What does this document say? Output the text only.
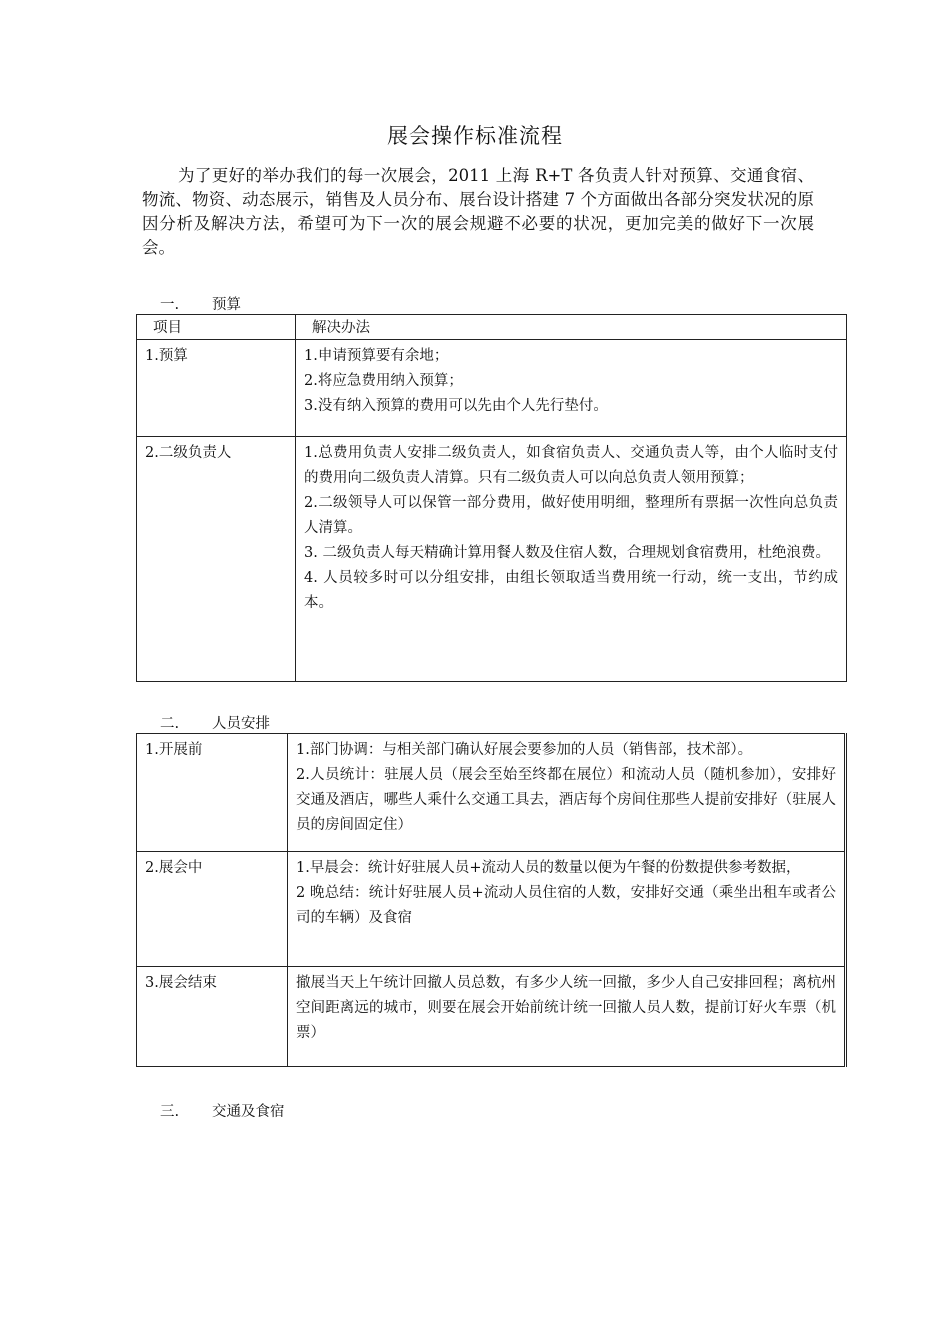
展会操作标准流程
为了更好的举办我们的每一次展会，2011 上海 R+T 各负责人针对预算、交通食宿、物流、物资、动态展示，销售及人员分布、展台设计搭建 7 个方面做出各部分突发状况的原因分析及解决方法，希望可为下一次的展会规避不必要的状况，更加完美的做好下一次展会。
一.	预算
项目	解决办法
1.预算	1.申请预算要有余地；
2.将应急费用纳入预算；
3.没有纳入预算的费用可以先由个人先行垫付。

2.二级负责人	1.总费用负责人安排二级负责人，如食宿负责人、交通负责人等，由个人临时支付的费用向二级负责人清算。只有二级负责人可以向总负责人领用预算；
2.二级领导人可以保管一部分费用，做好使用明细，整理所有票据一次性向总负责人清算。
3. 二级负责人每天精确计算用餐人数及住宿人数，合理规划食宿费用，杜绝浪费。
4. 人员较多时可以分组安排，由组长领取适当费用统一行动，统一支出，节约成本。
二.	人员安排
1.开展前	1.部门协调：与相关部门确认好展会要参加的人员（销售部，技术部）。
2.人员统计：驻展人员（展会至始至终都在展位）和流动人员（随机参加），安排好交通及酒店，哪些人乘什么交通工具去，酒店每个房间住那些人提前安排好（驻展人员的房间固定住）

2.展会中	1.早晨会：统计好驻展人员+流动人员的数量以便为午餐的份数提供参考数据，
2 晚总结：统计好驻展人员+流动人员住宿的人数，安排好交通（乘坐出租车或者公司的车辆）及食宿

3.展会结束	撤展当天上午统计回撤人员总数，有多少人统一回撤，多少人自己安排回程；离杭州空间距离远的城市，则要在展会开始前统计统一回撤人员人数，提前订好火车票（机票）
三.	交通及食宿
